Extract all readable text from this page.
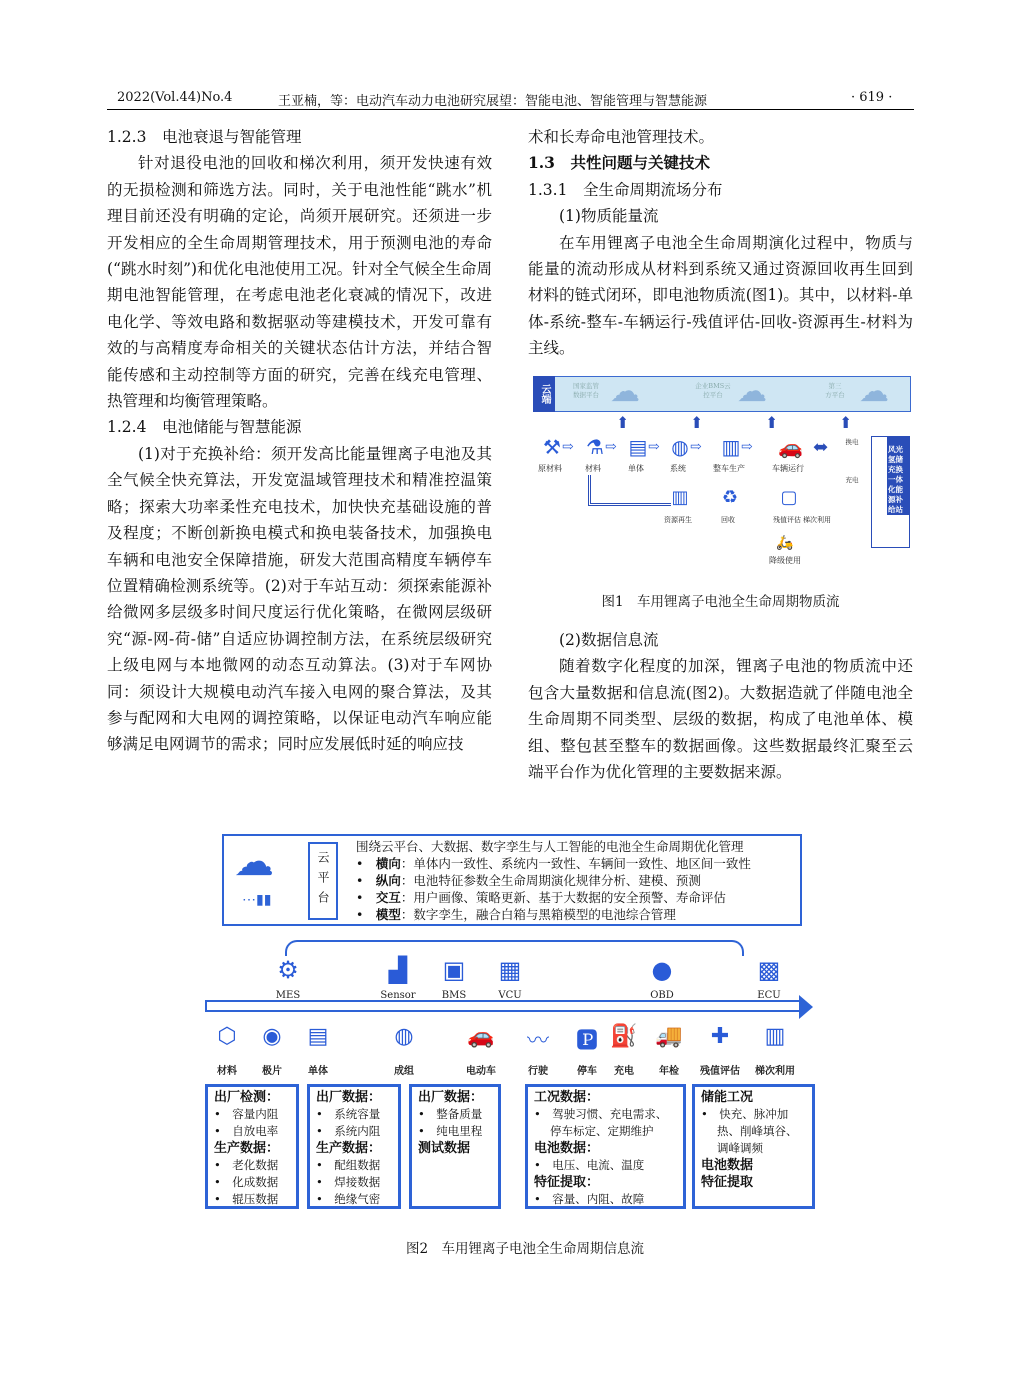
2022(Vol.44)No.4	王亚楠，等：电动汽车动力电池研究展望：智能电池、智能管理与智慧能源	· 619 ·

1.2.3　电池衰退与智能管理

针对退役电池的回收和梯次利用，须开发快速有效的无损检测和筛选方法。同时，关于电池性能“跳水”机理目前还没有明确的定论，尚须开展研究。还须进一步开发相应的全生命周期管理技术，用于预测电池的寿命(“跳水时刻”)和优化电池使用工况。针对全气候全生命周期电池智能管理，在考虑电池老化衰减的情况下，改进电化学、等效电路和数据驱动等建模技术，开发可靠有效的与高精度寿命相关的关键状态估计方法，并结合智能传感和主动控制等方面的研究，完善在线充电管理、热管理和均衡管理策略。

1.2.4　电池储能与智慧能源

(1)对于充换补给：须开发高比能量锂离子电池及其全气候全快充算法，开发宽温域管理技术和精准控温策略；探索大功率柔性充电技术，加快快充基础设施的普及程度；不断创新换电模式和换电装备技术，加强换电车辆和电池安全保障措施，研发大范围高精度车辆停车位置精确检测系统等。(2)对于车站互动：须探索能源补给微网多层级多时间尺度运行优化策略，在微网层级研究“源-网-荷-储”自适应协调控制方法，在系统层级研究上级电网与本地微网的动态互动算法。(3)对于车网协同：须设计大规模电动汽车接入电网的聚合算法，及其参与配网和大电网的调控策略，以保证电动汽车响应能够满足电网调节的需求；同时应发展低时延的响应技

术和长寿命电池管理技术。

1.3　共性问题与关键技术

1.3.1　全生命周期流场分布

(1)物质能量流

在车用锂离子电池全生命周期演化过程中，物质与能量的流动形成从材料到系统又通过资源回收再生回到材料的链式闭环，即电池物质流(图1)。其中，以材料-单体-系统-整车-车辆运行-残值评估-回收-资源再生-材料为主线。

云端	国家监管
数据平台 ☁	企业BMS云
控平台 ☁	第三
方平台 ☁
⬆	⬆	⬆	⬆
风光氢储充换一体化能源补给站
⚒
原材料
⇨ ⚗
材料
⇨ ▤
单体
⇨ ◍
系统
⇨ ▥
整车生产
⇨ 🚗
车辆运行
⬌
▥
资源再生
♻
回收
▢
残值评估 梯次利用
🛵
降级使用
换电
充电
图1　车用锂离子电池全生命周期物质流

(2)数据信息流

随着数字化程度的加深，锂离子电池的物质流中还包含大量数据和信息流(图2)。大数据造就了伴随电池全生命周期不同类型、层级的数据，构成了电池单体、模组、整包甚至整车的数据画像。这些数据最终汇聚至云端平台作为优化管理的主要数据来源。

☁
⋯▮▮	云平台
围绕云平台、大数据、数字孪生与人工智能的电池全生命周期优化管理
•　横向：单体内一致性、系统内一致性、车辆间一致性、地区间一致性
•　纵向：电池特征参数全生命周期演化规律分析、建模、预测
•　交互：用户画像、策略更新、基于大数据的安全预警、寿命评估
•　模型：数字孪生，融合白箱与黑箱模型的电池综合管理
⚙
MES
▟
Sensor
▣
BMS
▦
VCU
●
OBD
▩
ECU
⬡
材料
◉
极片
▤
单体
◍
成组
🚗
电动车
〰
行驶
🅿
停车
⛽
充电
🚚
年检
✚
残值评估
▥
梯次利用
出厂检测：
•　容量内阻
•　自放电率
生产数据：
•　老化数据
•　化成数据
•　辊压数据
出厂数据：
•　系统容量
•　系统内阻
生产数据：
•　配组数据
•　焊接数据
•　绝缘气密
出厂数据：
•　整备质量
•　纯电里程
测试数据
工况数据：
•　驾驶习惯、充电需求、
停车标定、定期维护
电池数据：
•　电压、电流、温度
特征提取：
•　容量、内阻、故障
储能工况
•　快充、脉冲加
热、削峰填谷、
调峰调频
电池数据
特征提取
图2　车用锂离子电池全生命周期信息流
